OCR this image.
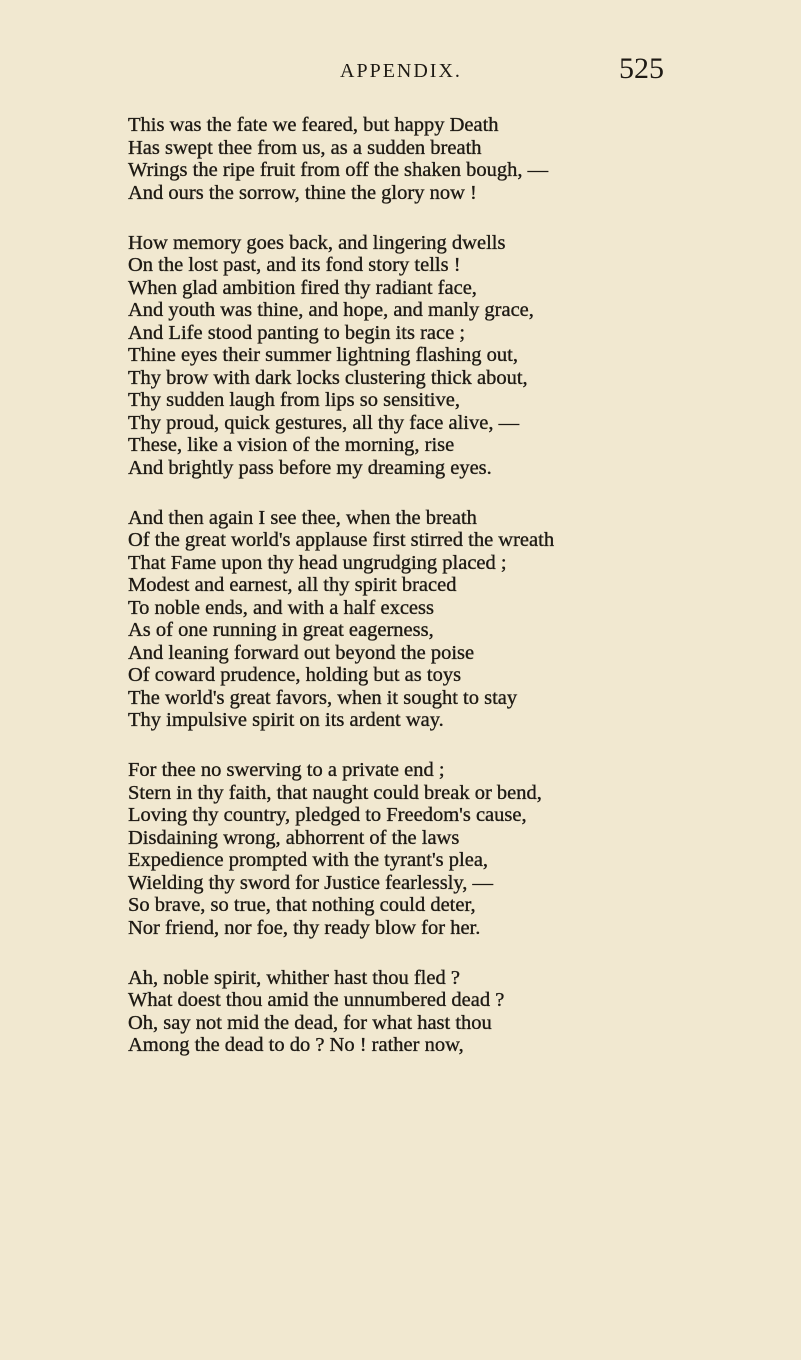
APPENDIX.	525
This was the fate we feared, but happy Death
Has swept thee from us, as a sudden breath
Wrings the ripe fruit from off the shaken bough, —
And ours the sorrow, thine the glory now !
How memory goes back, and lingering dwells
On the lost past, and its fond story tells !
When glad ambition fired thy radiant face,
And youth was thine, and hope, and manly grace,
And Life stood panting to begin its race ;
Thine eyes their summer lightning flashing out,
Thy brow with dark locks clustering thick about,
Thy sudden laugh from lips so sensitive,
Thy proud, quick gestures, all thy face alive, —
These, like a vision of the morning, rise
And brightly pass before my dreaming eyes.
And then again I see thee, when the breath
Of the great world's applause first stirred the wreath
That Fame upon thy head ungrudging placed ;
Modest and earnest, all thy spirit braced
To noble ends, and with a half excess
As of one running in great eagerness,
And leaning forward out beyond the poise
Of coward prudence, holding but as toys
The world's great favors, when it sought to stay
Thy impulsive spirit on its ardent way.
For thee no swerving to a private end ;
Stern in thy faith, that naught could break or bend,
Loving thy country, pledged to Freedom's cause,
Disdaining wrong, abhorrent of the laws
Expedience prompted with the tyrant's plea,
Wielding thy sword for Justice fearlessly, —
So brave, so true, that nothing could deter,
Nor friend, nor foe, thy ready blow for her.
Ah, noble spirit, whither hast thou fled ?
What doest thou amid the unnumbered dead ?
Oh, say not mid the dead, for what hast thou
Among the dead to do ? No ! rather now,
